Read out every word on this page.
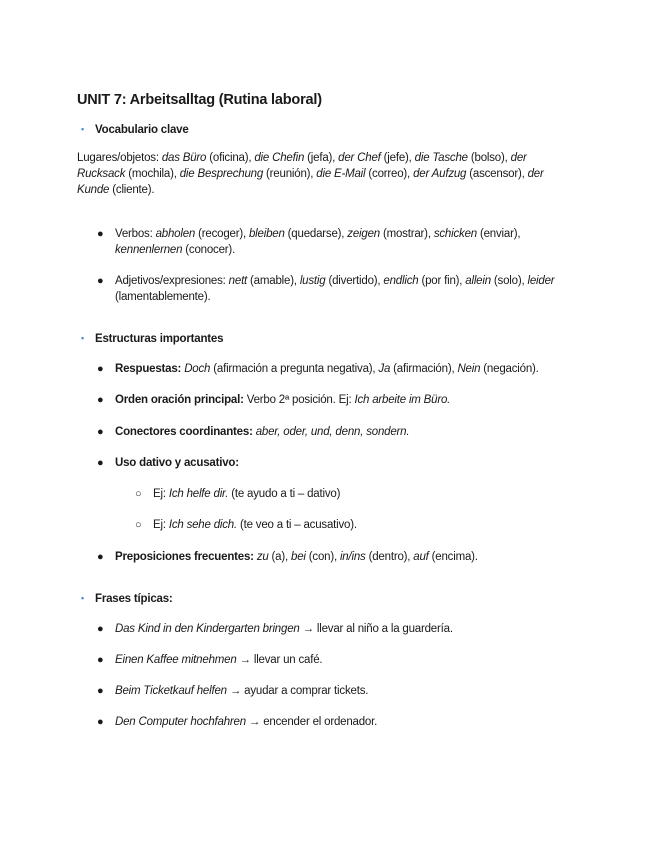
UNIT 7: Arbeitsalltag (Rutina laboral)
• Vocabulario clave
Lugares/objetos: das Büro (oficina), die Chefin (jefa), der Chef (jefe), die Tasche (bolso), der Rucksack (mochila), die Besprechung (reunión), die E-Mail (correo), der Aufzug (ascensor), der Kunde (cliente).
● Verbos: abholen (recoger), bleiben (quedarse), zeigen (mostrar), schicken (enviar), kennenlernen (conocer).
● Adjetivos/expresiones: nett (amable), lustig (divertido), endlich (por fin), allein (solo), leider (lamentablemente).
• Estructuras importantes
● Respuestas: Doch (afirmación a pregunta negativa), Ja (afirmación), Nein (negación).
● Orden oración principal: Verbo 2ª posición. Ej: Ich arbeite im Büro.
● Conectores coordinantes: aber, oder, und, denn, sondern.
● Uso dativo y acusativo:
○ Ej: Ich helfe dir. (te ayudo a ti – dativo)
○ Ej: Ich sehe dich. (te veo a ti – acusativo).
● Preposiciones frecuentes: zu (a), bei (con), in/ins (dentro), auf (encima).
• Frases típicas:
● Das Kind in den Kindergarten bringen → llevar al niño a la guardería.
● Einen Kaffee mitnehmen → llevar un café.
● Beim Ticketkauf helfen → ayudar a comprar tickets.
● Den Computer hochfahren → encender el ordenador.
